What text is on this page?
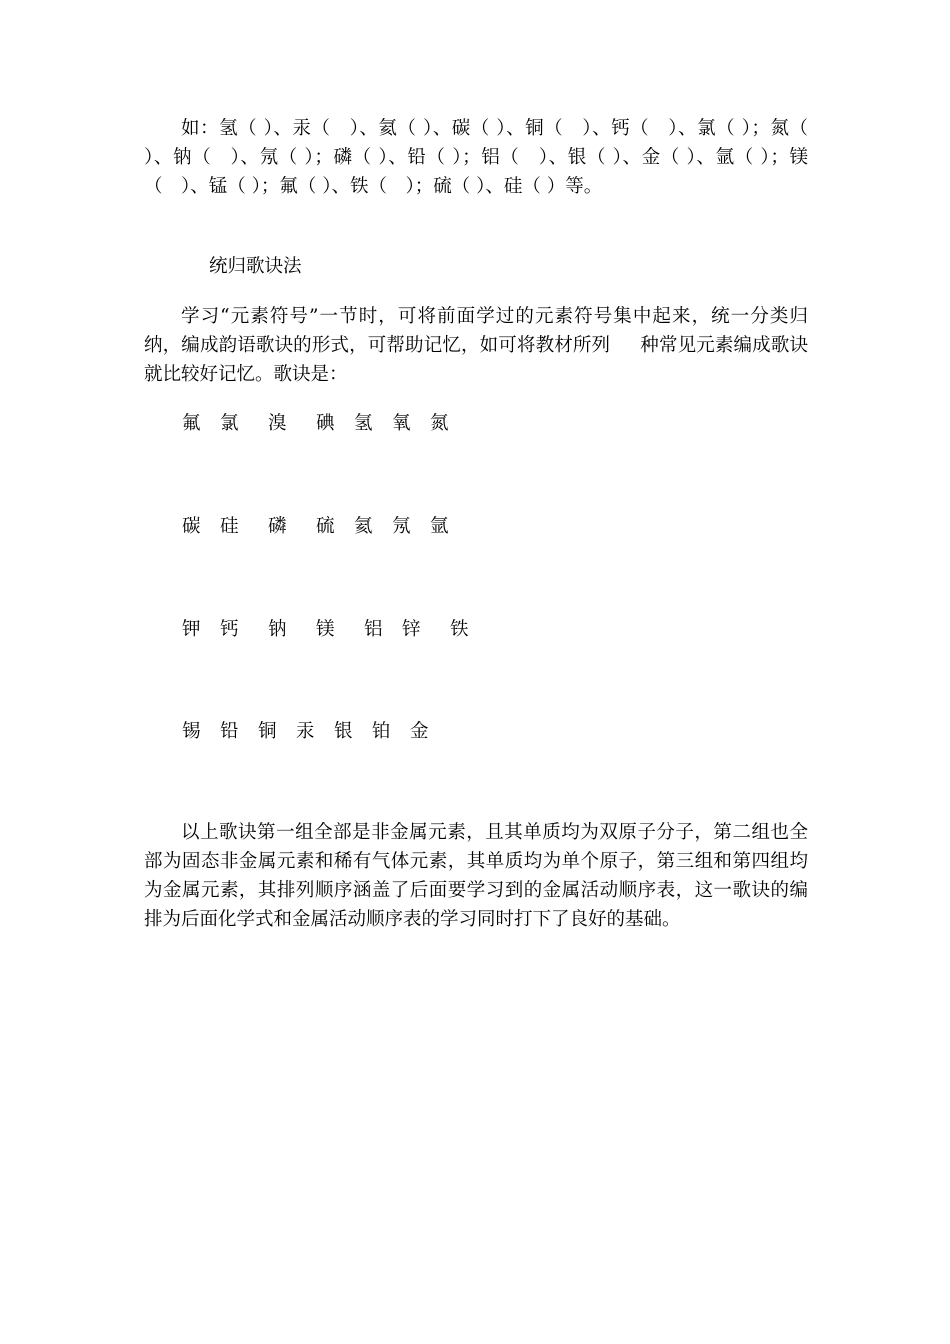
如：氢（ ）、汞（　）、氦（ ）、碳（ ）、铜（　）、钙（　）、氯（ ）；氮（ ）、钠（　）、氖（ ）；磷（ ）、铅（ ）；铝（　）、银（ ）、金（ ）、氩（ ）；镁（　）、锰（ ）；氟（ ）、铁（　）；硫（ ）、硅（ ）等。

统归歌诀法

学习“元素符号”一节时，可将前面学过的元素符号集中起来，统一分类归纳，编成韵语歌诀的形式，可帮助记忆，如可将教材所列 种常见元素编成歌诀就比较好记忆。歌诀是：

氟 氯 溴 碘 氢 氧 氮
碳 硅 磷 硫 氦 氖 氩
钾 钙 钠 镁 铝 锌 铁
锡 铅 铜 汞 银 铂 金

以上歌诀第一组全部是非金属元素，且其单质均为双原子分子，第二组也全部为固态非金属元素和稀有气体元素，其单质均为单个原子，第三组和第四组均为金属元素，其排列顺序涵盖了后面要学习到的金属活动顺序表，这一歌诀的编排为后面化学式和金属活动顺序表的学习同时打下了良好的基础。
